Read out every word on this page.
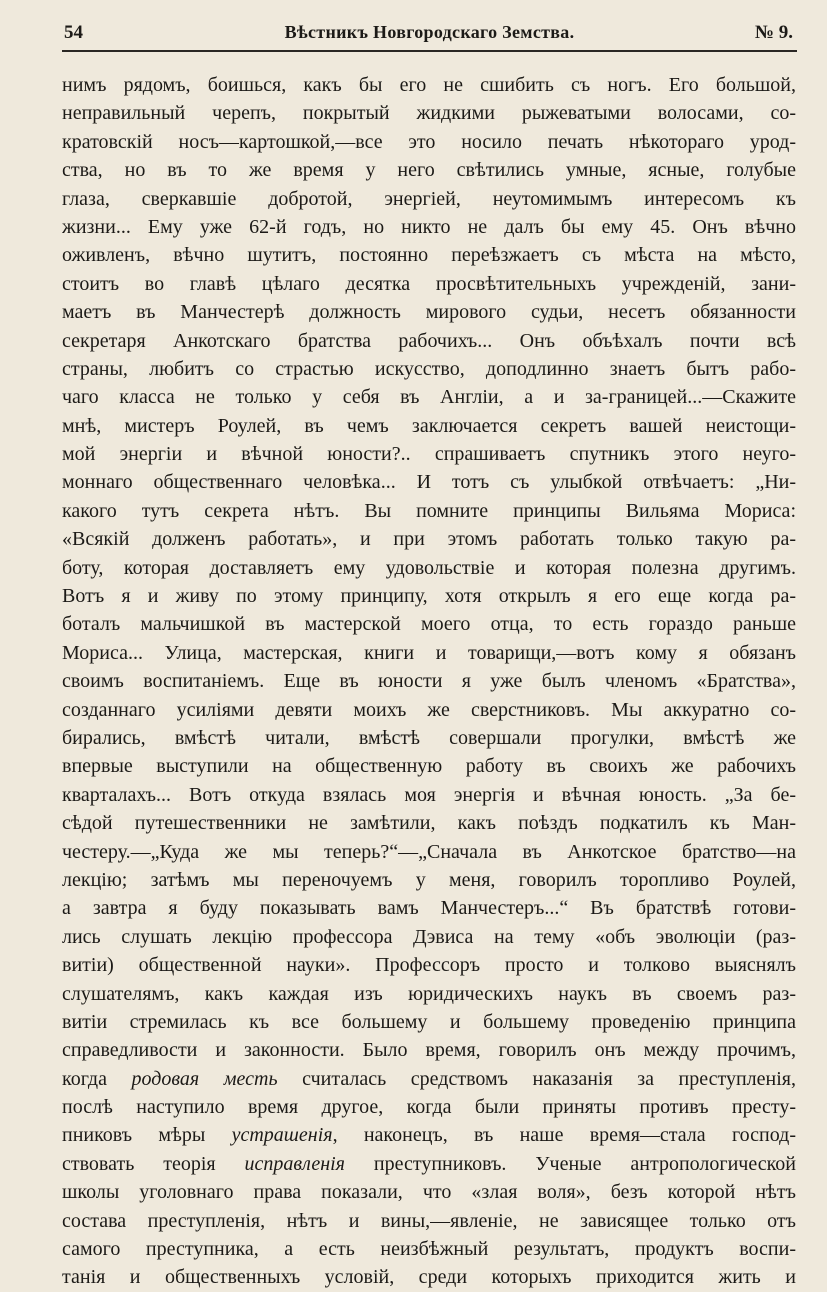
54	Вѣстникъ Новгородскаго Земства.	№ 9.
нимъ рядомъ, боишься, какъ бы его не сшибить съ ногъ. Его большой,
неправильный черепъ, покрытый жидкими рыжеватыми волосами, со-
кратовскій носъ—картошкой,—все это носило печать нѣкотораго урод-
ства, но въ то же время у него свѣтились умные, ясные, голубые
глаза, сверкавшіе добротой, энергіей, неутомимымъ интересомъ къ
жизни... Ему уже 62-й годъ, но никто не далъ бы ему 45. Онъ вѣчно
оживленъ, вѣчно шутитъ, постоянно переѣзжаетъ съ мѣста на мѣсто,
стоитъ во главѣ цѣлаго десятка просвѣтительныхъ учрежденій, зани-
маетъ въ Манчестерѣ должность мирового судьи, несетъ обязанности
секретаря Анкотскаго братства рабочихъ... Онъ объѣхалъ почти всѣ
страны, любитъ со страстью искусство, доподлинно знаетъ бытъ рабо-
чаго класса не только у себя въ Англіи, а и за-границей...—Скажите
мнѣ, мистеръ Роулей, въ чемъ заключается секретъ вашей неистощи-
мой энергіи и вѣчной юности?.. спрашиваетъ спутникъ этого неуго-
моннаго общественнаго человѣка... И тотъ съ улыбкой отвѣчаетъ: „Ни-
какого тутъ секрета нѣтъ. Вы помните принципы Вильяма Мориса:
«Всякій долженъ работать», и при этомъ работать только такую ра-
боту, которая доставляетъ ему удовольствіе и которая полезна другимъ.
Вотъ я и живу по этому принципу, хотя открылъ я его еще когда ра-
боталъ мальчишкой въ мастерской моего отца, то есть гораздо раньше
Мориса... Улица, мастерская, книги и товарищи,—вотъ кому я обязанъ
своимъ воспитаніемъ. Еще въ юности я уже былъ членомъ «Братства»,
созданнаго усиліями девяти моихъ же сверстниковъ. Мы аккуратно со-
бирались, вмѣстѣ читали, вмѣстѣ совершали прогулки, вмѣстѣ же
впервые выступили на общественную работу въ своихъ же рабочихъ
кварталахъ... Вотъ откуда взялась моя энергія и вѣчная юность. „За бе-
сѣдой путешественники не замѣтили, какъ поѣздъ подкатилъ къ Ман-
честеру.—„Куда же мы теперь?“—„Сначала въ Анкотское братство—на
лекцію; затѣмъ мы переночуемъ у меня, говорилъ торопливо Роулей,
а завтра я буду показывать вамъ Манчестеръ...“ Въ братствѣ готови-
лись слушать лекцію профессора Дэвиса на тему «объ эволюціи (раз-
витіи) общественной науки». Профессоръ просто и толково выяснялъ
слушателямъ, какъ каждая изъ юридическихъ наукъ въ своемъ раз-
витіи стремилась къ все большему и большему проведенію принципа
справедливости и законности. Было время, говорилъ онъ между прочимъ,
когда родовая месть считалась средствомъ наказанія за преступленія,
послѣ наступило время другое, когда были приняты противъ престу-
пниковъ мѣры устрашенія, наконецъ, въ наше время—стала господ-
ствовать теорія исправленія преступниковъ. Ученые антропологической
школы уголовнаго права показали, что «злая воля», безъ которой нѣтъ
состава преступленія, нѣтъ и вины,—явленіе, не зависящее только отъ
самого преступника, а есть неизбѣжный результатъ, продуктъ воспи-
танія и общественныхъ условій, среди которыхъ приходится жить и
